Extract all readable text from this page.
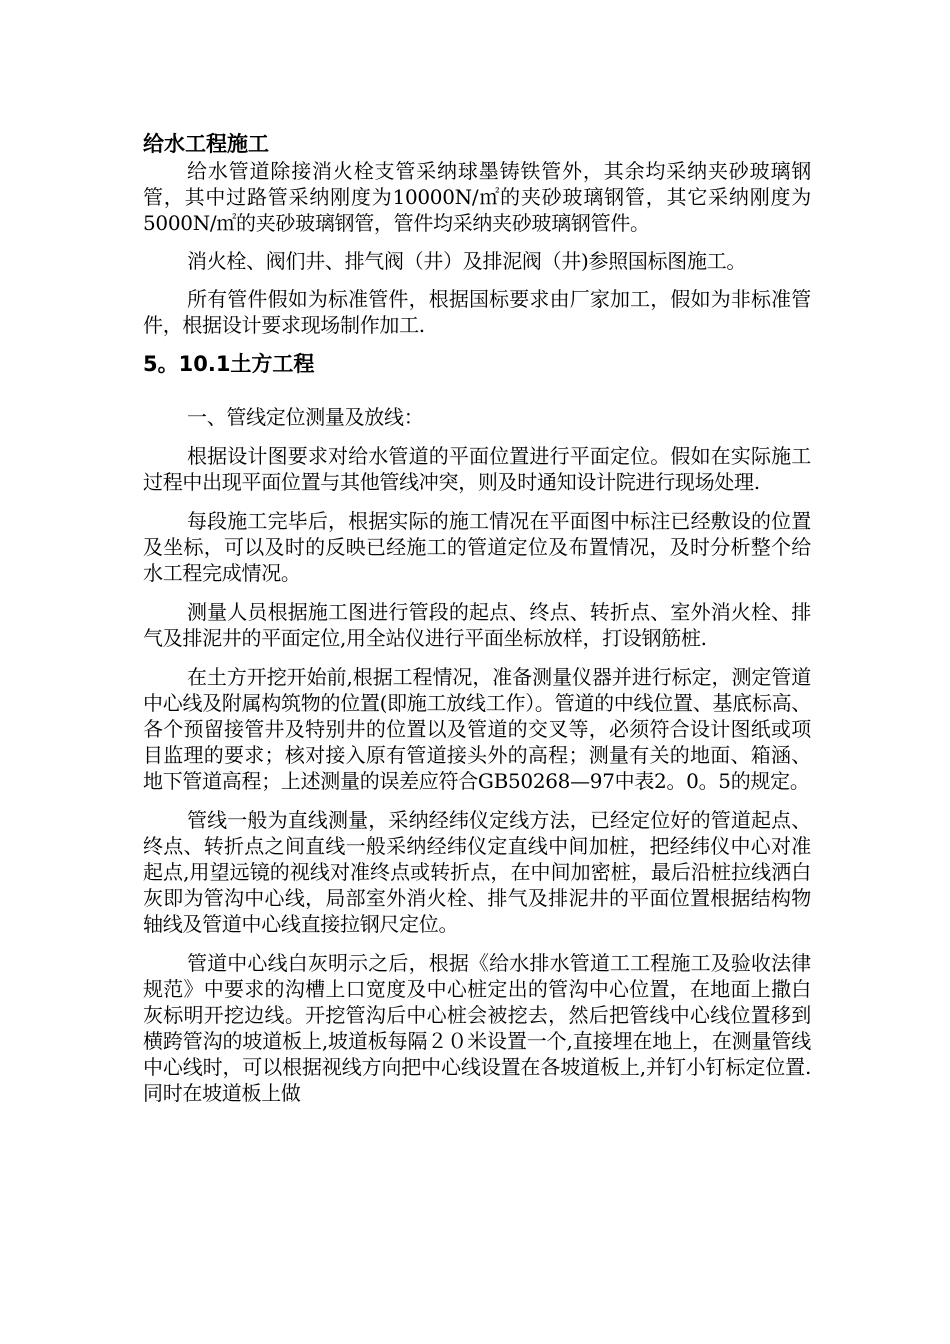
给水工程施工

给水管道除接消火栓支管采纳球墨铸铁管外，其余均采纳夹砂玻璃钢管，其中过路管采纳刚度为10000N/㎡的夹砂玻璃钢管，其它采纳刚度为5000N/㎡的夹砂玻璃钢管，管件均采纳夹砂玻璃钢管件。

消火栓、阀们井、排气阀（井）及排泥阀（井)参照国标图施工。

所有管件假如为标准管件，根据国标要求由厂家加工，假如为非标准管件，根据设计要求现场制作加工.

5。10.1土方工程

一、管线定位测量及放线：

根据设计图要求对给水管道的平面位置进行平面定位。假如在实际施工过程中出现平面位置与其他管线冲突，则及时通知设计院进行现场处理.

每段施工完毕后，根据实际的施工情况在平面图中标注已经敷设的位置及坐标，可以及时的反映已经施工的管道定位及布置情况，及时分析整个给水工程完成情况。

测量人员根据施工图进行管段的起点、终点、转折点、室外消火栓、排气及排泥井的平面定位,用全站仪进行平面坐标放样，打设钢筋桩.

在土方开挖开始前,根据工程情况，准备测量仪器并进行标定，测定管道中心线及附属构筑物的位置(即施工放线工作）。管道的中线位置、基底标高、各个预留接管井及特别井的位置以及管道的交叉等，必须符合设计图纸或项目监理的要求；核对接入原有管道接头外的高程；测量有关的地面、箱涵、地下管道高程；上述测量的误差应符合GB50268—97中表2。0。5的规定。

管线一般为直线测量，采纳经纬仪定线方法，已经定位好的管道起点、终点、转折点之间直线一般采纳经纬仪定直线中间加桩，把经纬仪中心对准起点,用望远镜的视线对准终点或转折点，在中间加密桩，最后沿桩拉线洒白灰即为管沟中心线，局部室外消火栓、排气及排泥井的平面位置根据结构物轴线及管道中心线直接拉钢尺定位。

管道中心线白灰明示之后，根据《给水排水管道工工程施工及验收法律规范》中要求的沟槽上口宽度及中心桩定出的管沟中心位置，在地面上撒白灰标明开挖边线。开挖管沟后中心桩会被挖去，然后把管线中心线位置移到横跨管沟的坡道板上,坡道板每隔２０米设置一个,直接埋在地上，在测量管线中心线时，可以根据视线方向把中心线设置在各坡道板上,并钉小钉标定位置.同时在坡道板上做
